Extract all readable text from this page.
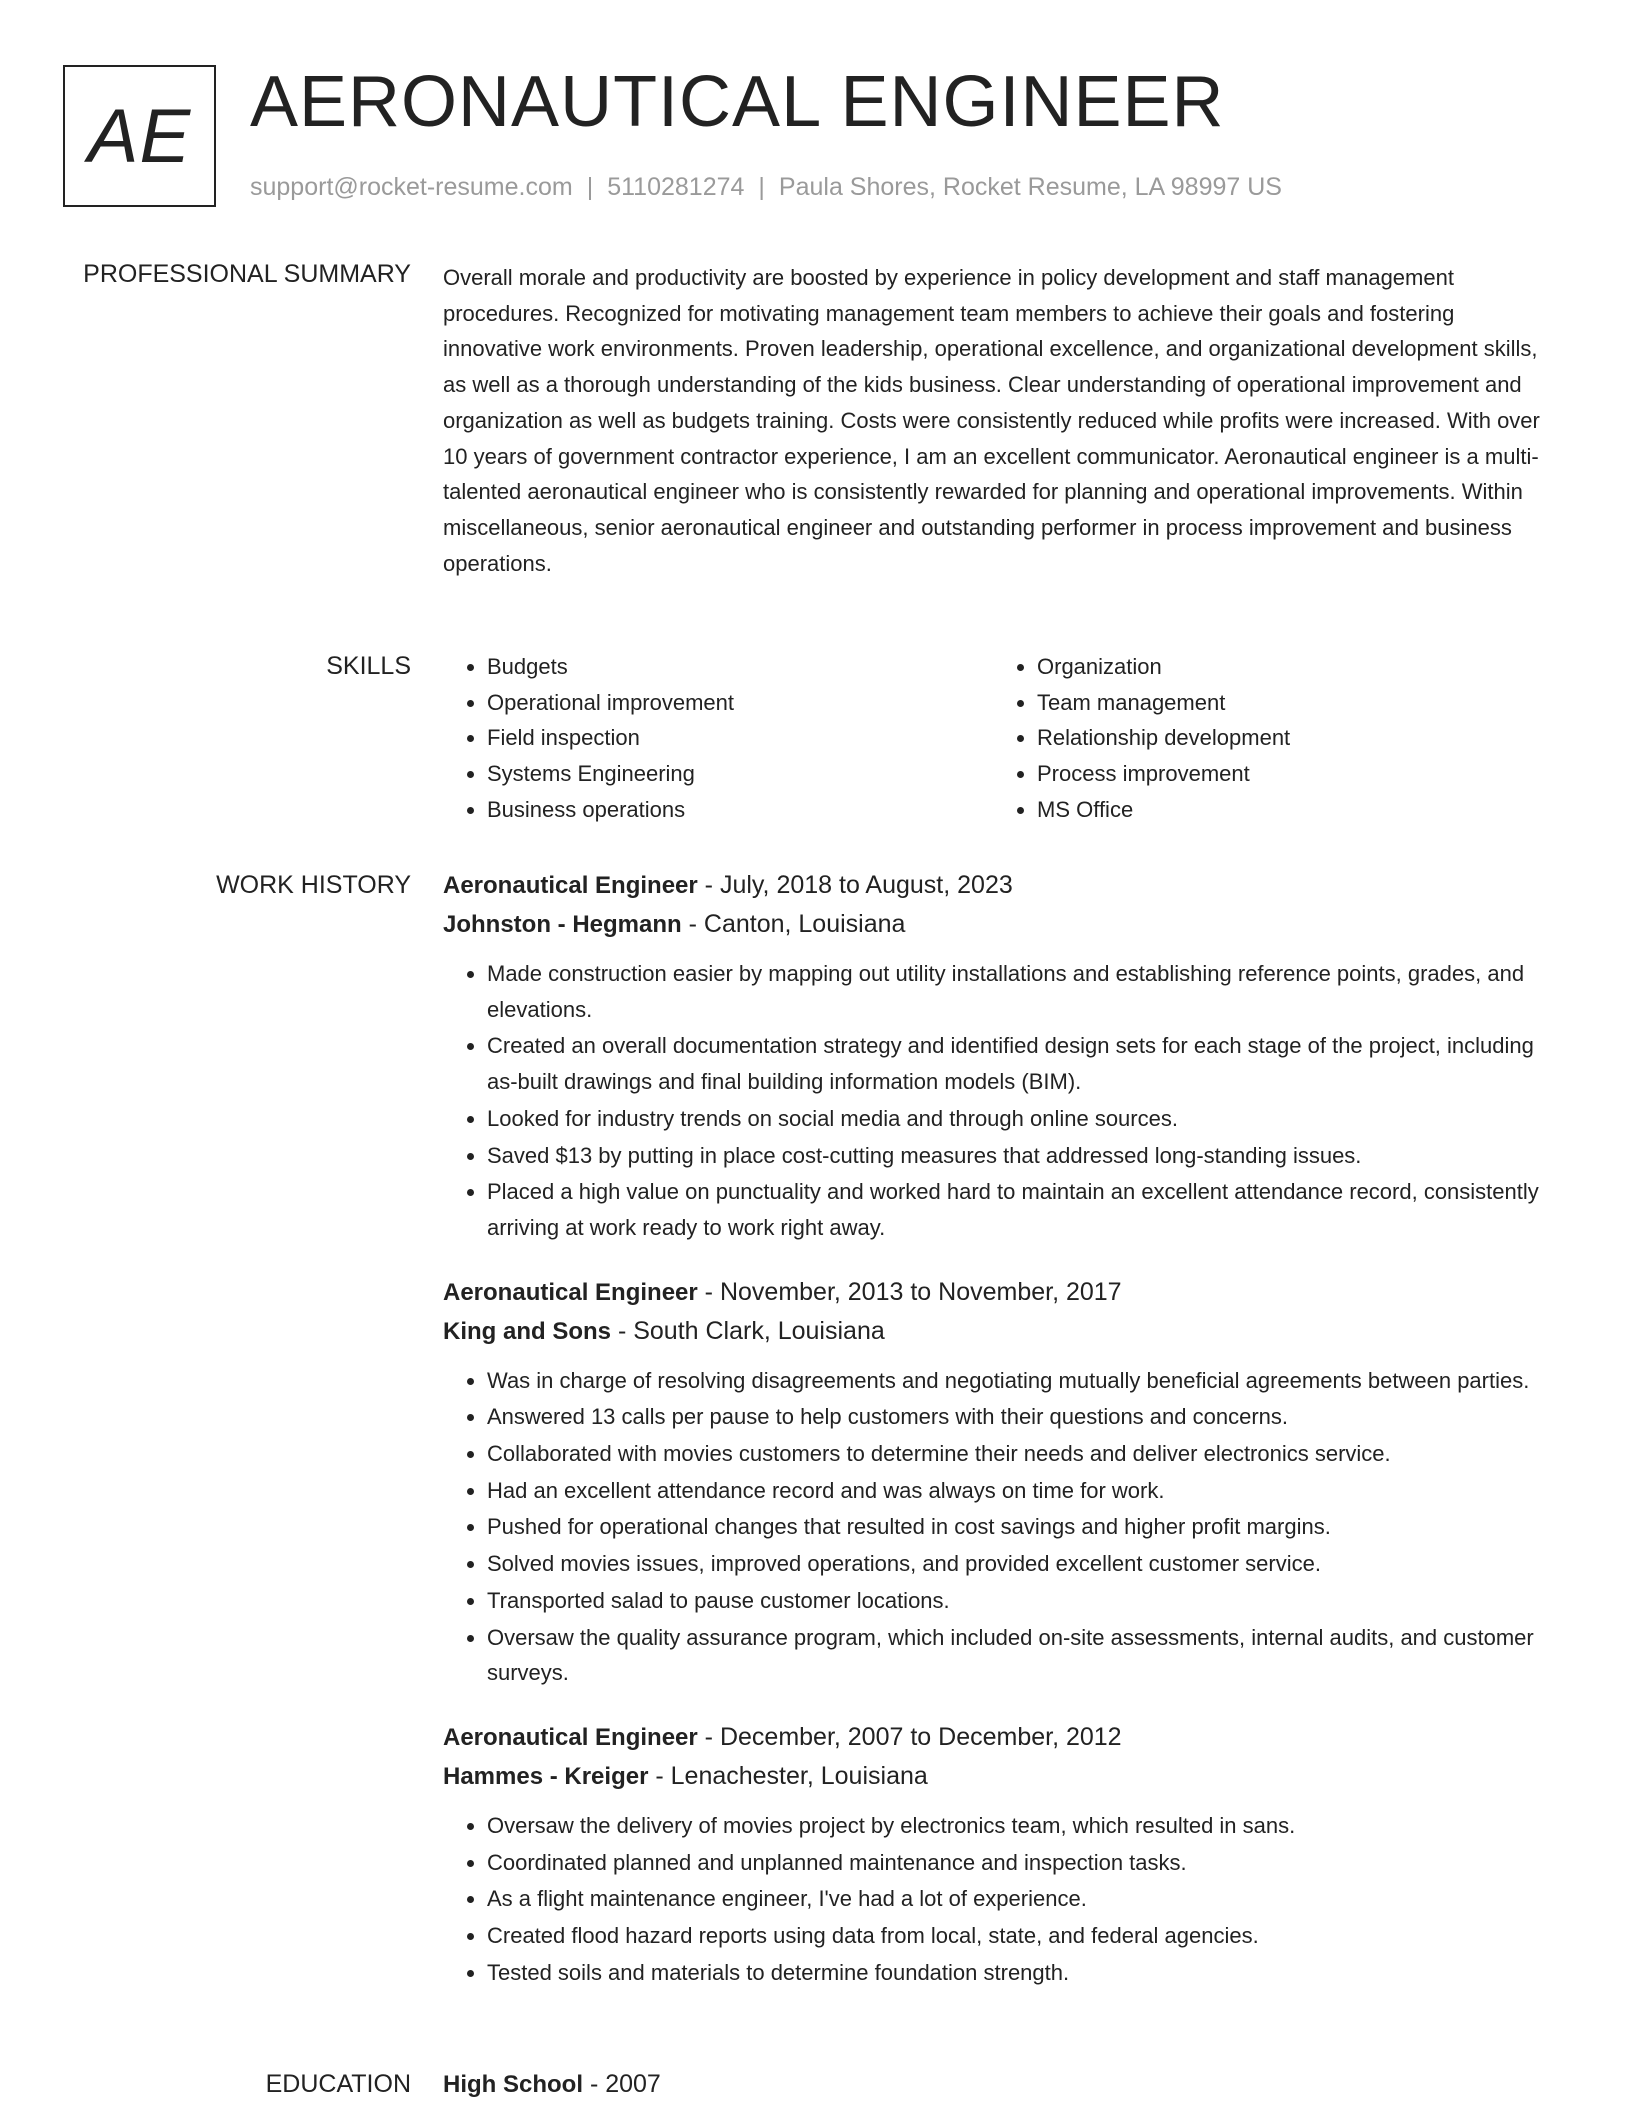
AE AERONAUTICAL ENGINEER
support@rocket-resume.com | 5110281274 | Paula Shores, Rocket Resume, LA 98997 US
PROFESSIONAL SUMMARY Overall morale and productivity are boosted by experience in policy development and staff management procedures. Recognized for motivating management team members to achieve their goals and fostering innovative work environments. Proven leadership, operational excellence, and organizational development skills, as well as a thorough understanding of the kids business. Clear understanding of operational improvement and organization as well as budgets training. Costs were consistently reduced while profits were increased. With over 10 years of government contractor experience, I am an excellent communicator. Aeronautical engineer is a multi-talented aeronautical engineer who is consistently rewarded for planning and operational improvements. Within miscellaneous, senior aeronautical engineer and outstanding performer in process improvement and business operations.

SKILLS
•	Budgets
• Operational improvement
• Field inspection
• Systems Engineering
• Business operations
• Organization
• Team management
• Relationship development
• Process improvement
• MS Office
WORK HISTORY Aeronautical Engineer - July, 2018 to August, 2023
Johnston - Hegmann - Canton, Louisiana
• Made construction easier by mapping out utility installations and establishing reference points, grades, and elevations.
• Created an overall documentation strategy and identified design sets for each stage of the project, including as-built drawings and final building information models (BIM).
• Looked for industry trends on social media and through online sources.
• Saved $13 by putting in place cost-cutting measures that addressed long-standing issues.
• Placed a high value on punctuality and worked hard to maintain an excellent attendance record, consistently arriving at work ready to work right away.
Aeronautical Engineer - November, 2013 to November, 2017
King and Sons - South Clark, Louisiana
• Was in charge of resolving disagreements and negotiating mutually beneficial agreements between parties.
• Answered 13 calls per pause to help customers with their questions and concerns.
• Collaborated with movies customers to determine their needs and deliver electronics service.
• Had an excellent attendance record and was always on time for work.
• Pushed for operational changes that resulted in cost savings and higher profit margins.
• Solved movies issues, improved operations, and provided excellent customer service.
• Transported salad to pause customer locations.
• Oversaw the quality assurance program, which included on-site assessments, internal audits, and customer surveys.
Aeronautical Engineer - December, 2007 to December, 2012
Hammes - Kreiger - Lenachester, Louisiana
• Oversaw the delivery of movies project by electronics team, which resulted in sans.
• Coordinated planned and unplanned maintenance and inspection tasks.
• As a flight maintenance engineer, I've had a lot of experience.
• Created flood hazard reports using data from local, state, and federal agencies.
• Tested soils and materials to determine foundation strength.
EDUCATION High School - 2007
